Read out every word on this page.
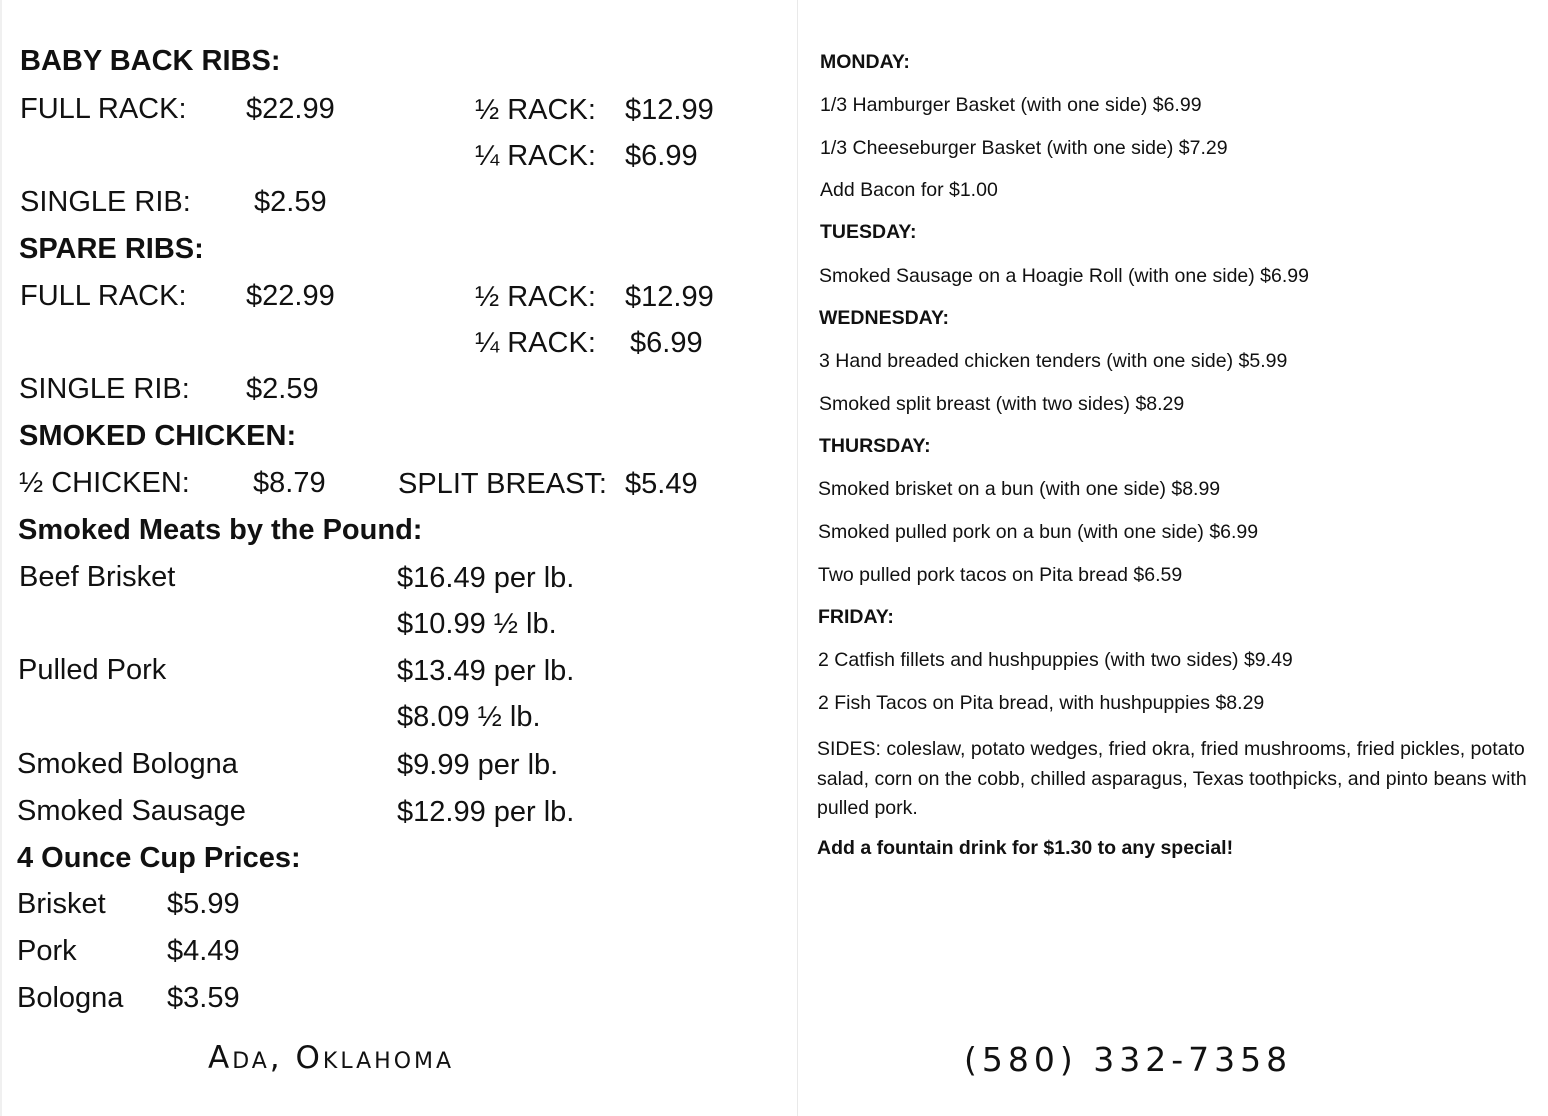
BABY BACK RIBS:
FULL RACK: $22.99	½ RACK: $12.99
¼ RACK: $6.99
SINGLE RIB: $2.59
SPARE RIBS:
FULL RACK: $22.99	½ RACK: $12.99
¼ RACK: $6.99
SINGLE RIB: $2.59
SMOKED CHICKEN:
½ CHICKEN: $8.79 SPLIT BREAST: $5.49
Smoked Meats by the Pound:
Beef Brisket	$16.49 per lb.
$10.99 ½ lb.
Pulled Pork	$13.49 per lb.
$8.09 ½ lb.
Smoked Bologna	$9.99 per lb.
Smoked Sausage	$12.99 per lb.
4 Ounce Cup Prices:
Brisket $5.99
Pork	$4.49
Bologna $3.59
Ada, Oklahoma
MONDAY:
1/3 Hamburger Basket (with one side) $6.99
1/3 Cheeseburger Basket (with one side) $7.29
Add Bacon for $1.00
TUESDAY:
Smoked Sausage on a Hoagie Roll (with one side) $6.99
WEDNESDAY:
3 Hand breaded chicken tenders (with one side) $5.99
Smoked split breast (with two sides) $8.29
THURSDAY:
Smoked brisket on a bun (with one side) $8.99
Smoked pulled pork on a bun (with one side) $6.99
Two pulled pork tacos on Pita bread $6.59
FRIDAY:
2 Catfish fillets and hushpuppies (with two sides) $9.49
2 Fish Tacos on Pita bread, with hushpuppies $8.29
SIDES: coleslaw, potato wedges, fried okra, fried mushrooms, fried pickles, potato salad, corn on the cobb, chilled asparagus, Texas toothpicks, and pinto beans with pulled pork.
Add a fountain drink for $1.30 to any special!
(580) 332-7358
